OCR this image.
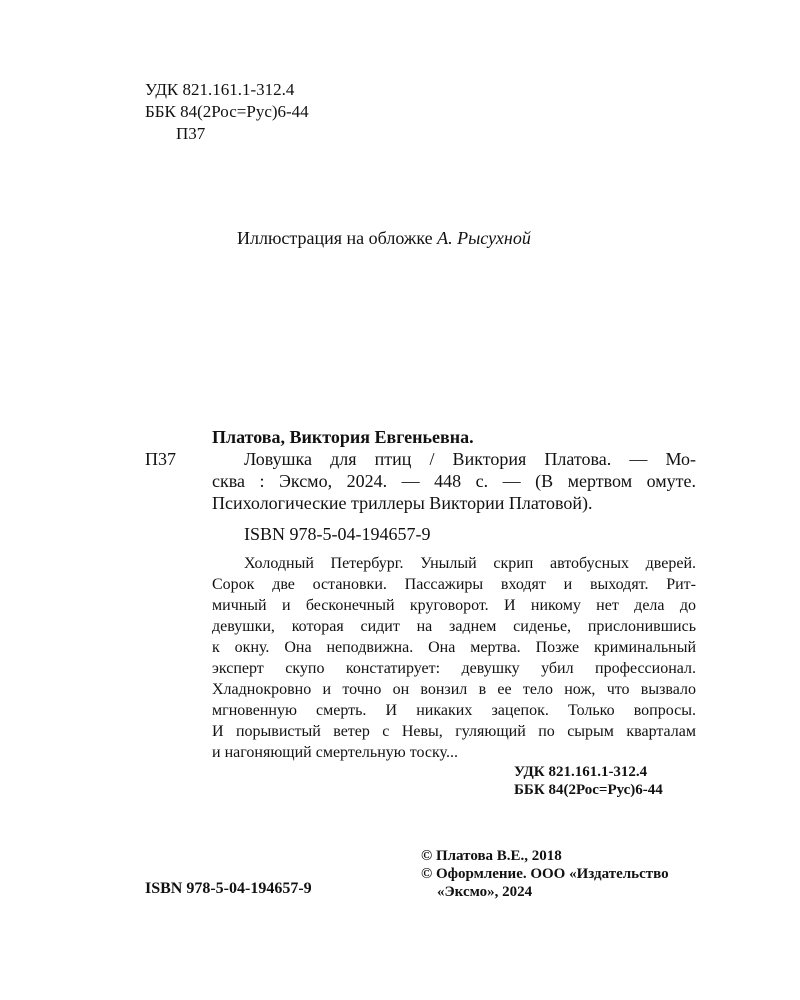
УДК 821.161.1-312.4
ББК 84(2Рос=Рус)6-44
П37
Иллюстрация на обложке А. Рысухной
Платова, Виктория Евгеньевна.
П37	Ловушка для птиц / Виктория Платова. — Мо-
сква : Эксмо, 2024. — 448 с. — (В мертвом омуте.
Психологические триллеры Виктории Платовой).
ISBN 978-5-04-194657-9
Холодный Петербург. Унылый скрип автобусных дверей.
Сорок две остановки. Пассажиры входят и выходят. Рит-
мичный и бесконечный круговорот. И никому нет дела до
девушки, которая сидит на заднем сиденье, прислонившись
к окну. Она неподвижна. Она мертва. Позже криминальный
эксперт скупо констатирует: девушку убил профессионал.
Хладнокровно и точно он вонзил в ее тело нож, что вызвало
мгновенную смерть. И никаких зацепок. Только вопросы.
И порывистый ветер с Невы, гуляющий по сырым кварталам
и нагоняющий смертельную тоску...
УДК 821.161.1-312.4
ББК 84(2Рос=Рус)6-44
© Платова В.Е., 2018
© Оформление. ООО «Издательство
«Эксмо», 2024
ISBN 978-5-04-194657-9
